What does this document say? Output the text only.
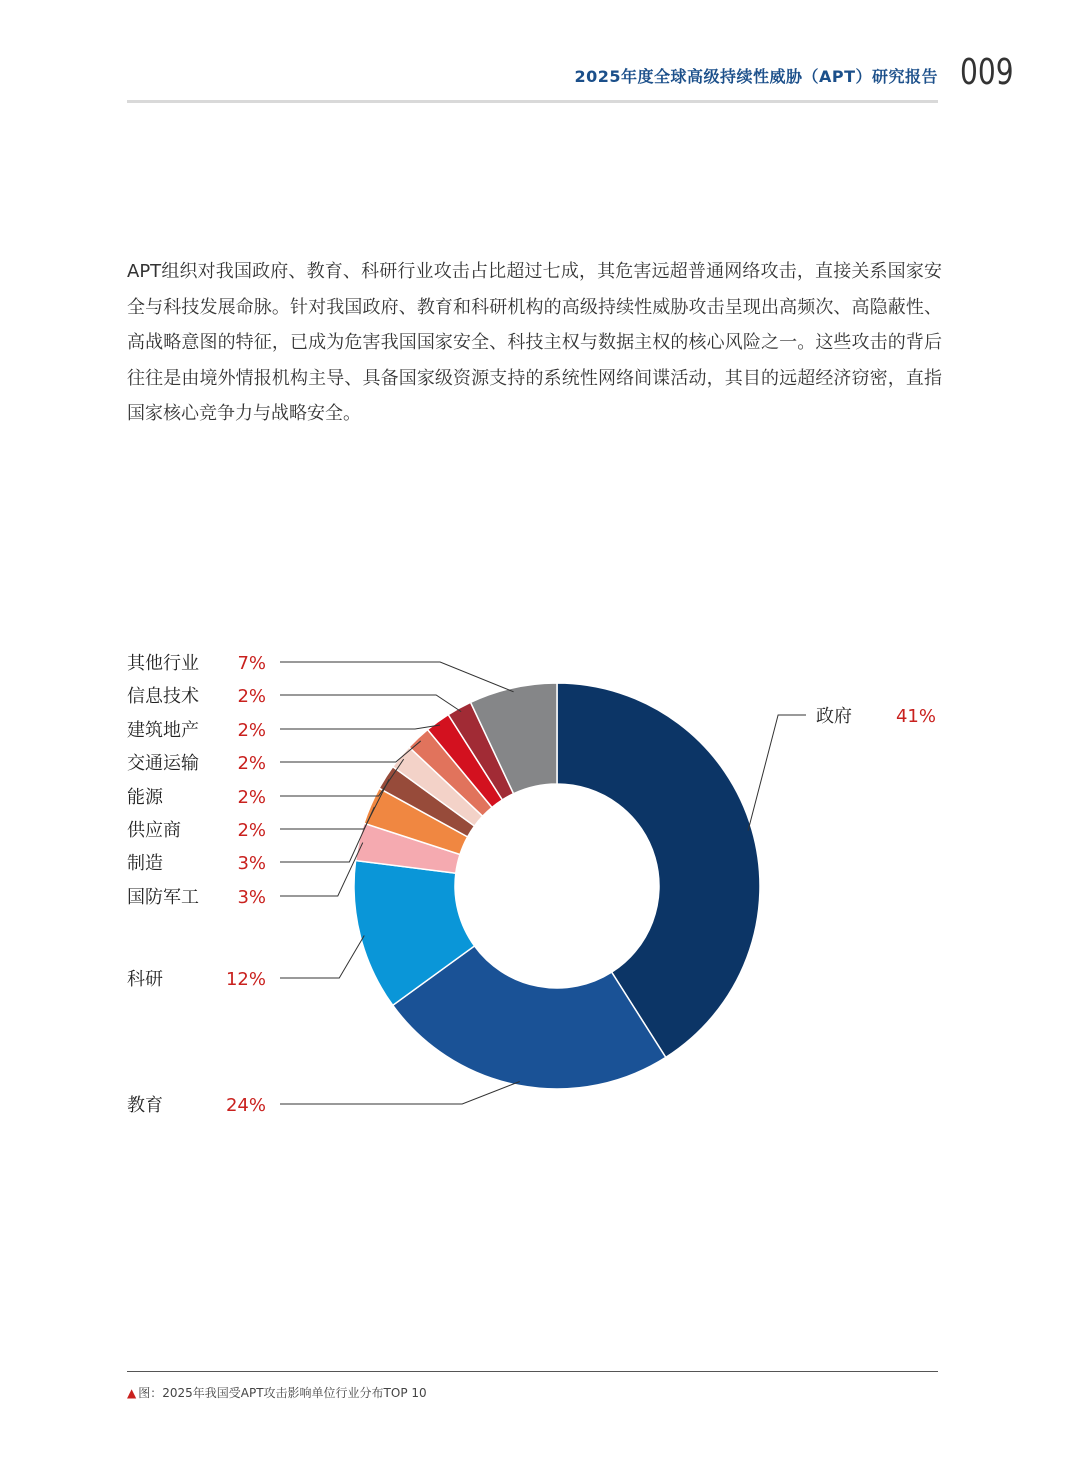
2025年度全球高级持续性威胁（APT）研究报告 009
APT组织对我国政府、教育、科研行业攻击占比超过七成，其危害远超普通网络攻击，直接关系国家安全与科技发展命脉。针对我国政府、教育和科研机构的高级持续性威胁攻击呈现出高频次、高隐蔽性、高战略意图的特征，已成为危害我国国家安全、科技主权与数据主权的核心风险之一。这些攻击的背后往往是由境外情报机构主导、具备国家级资源支持的系统性网络间谍活动，其目的远超经济窃密，直指国家核心竞争力与战略安全。
政府 41%
教育	24%
科研	12%
国防军工 3%
制造	3%
供应商	2%
能源	2%
交通运输 2%
建筑地产 2%
信息技术 2%
其他行业 7%
▲ 图：2025年我国受APT攻击影响单位行业分布TOP 10
